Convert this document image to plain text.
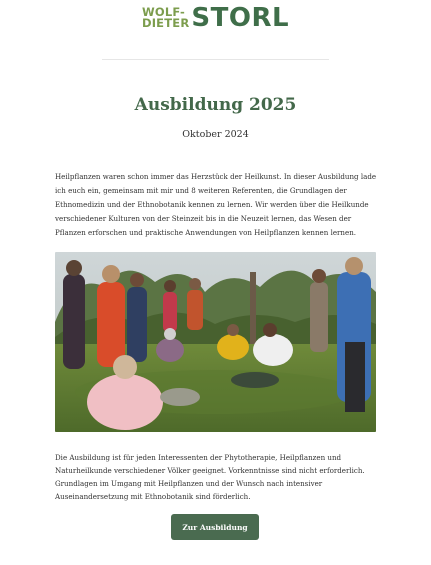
WOLF-
DIETER STORL
Ausbildung 2025
Oktober 2024

Heilpflanzen waren schon immer das Herzstück der Heilkunst. In dieser Ausbildung lade ich euch ein, gemeinsam mit mir und 8 weiteren Referenten, die Grundlagen der Ethnomedizin und der Ethnobotanik kennen zu lernen. Wir werden über die Heilkunde verschiedener Kulturen von der Steinzeit bis in die Neuzeit lernen, das Wesen der Pflanzen erforschen und praktische Anwendungen von Heilpflanzen kennen lernen.

Die Ausbildung ist für jeden Interessenten der Phytotherapie, Heilpflanzen und Naturheilkunde verschiedener Völker geeignet. Vorkenntnisse sind nicht erforderlich. Grundlagen im Umgang mit Heilpflanzen und der Wunsch nach intensiver Auseinandersetzung mit Ethnobotanik sind förderlich.

Zur Ausbildung
